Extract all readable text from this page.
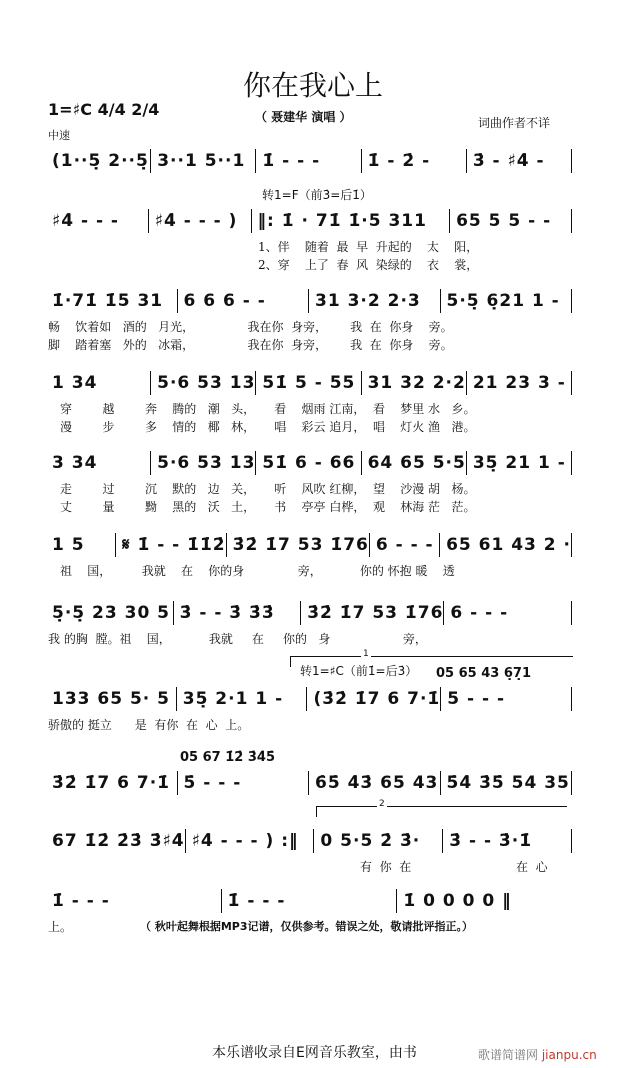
你在我心上
1=♯C 4/4 2/4
中速
（ 聂建华 演唱 ）	词曲作者不详
(1··5̣ 2··5̣ 3··1 5··1	1̇ - - -	1̇ - 2̇ -	3̇ - ♯4̇ -
♯4̇ - - -	♯4̇ - - - )	‖: 1̇ · 71̇ 1̇·5 311	65 5 5 - -
转1=F（前3̇=后1̇）
1、伴    随着  最  早  升起的    太    阳，
2、穿    上了  春  风  染绿的    衣    裳，
1̇·71̇ 1̇5 31	6 6 6 - -	31 3·2 2·3	5·5̣ 6̣21 1 -
畅    饮着如   酒的   月光，              我在你  身旁，      我  在  你身    旁。
脚    踏着塞   外的   冰霜，              我在你  身旁，      我  在  你身    旁。
1 34	5·6 53 13 51̇ 5 - 55 31 32 2·2 21 23 3 -
穿        越        奔    腾的   潮   头，     看    烟雨 江南，  看    梦里 水   乡。
漫        步        多    情的   椰   林，     唱    彩云 追月，  唱    灯火 渔   港。
3 34	5·6 53 13 51̇ 6 - 66 64 65 5·5 35̣ 21 1 -
走        过        沉    默的   边   关，     听    风吹 红柳，  望    沙漫 胡   杨。
丈        量        黝    黑的   沃   土，     书    亭亭 白桦，  观    林海 茫   茫。
1 5	𝄋 1̇ - - 1̇1̇2̇ 3̇2̇ 1̇7 53 1̇76 6 - - - 65 61 43 2 ·
祖    国，        我就    在    你的身              旁，          你的 怀抱 暖    透
5̣·5̣ 23 30 5 3̇ - - 3̇ 3̇3̇	3̇2̇ 1̇7 53 1̇76 6 - - -
我 的胸  膛。祖    国，          我就     在     你的   身                   旁，
133 65 5· 5 35̣ 2·1 1 -	(3̇2̇ 1̇7 6 7·1̇ 5 - - -
转1=♯C（前1̇=后3̇） 05 65 43 6̣7̣1
1
骄傲的 挺立      是  有你  在  心  上。
3̇2̇ 1̇7 6 7·1̇ 5̇ - - -	6̇5̇ 4̇3̇ 65 43 5̇4̇ 3̇5̇ 54 35
05 67 1̇2̇ 3̇4̇5̇
67 1̇2̇ 2̇3̇ 3̇♯4̇ ♯4̇ - - - ) :‖	0 5·5 2̇ 3̇·	3̇ - - 3̇·1̇
2
有  你  在	在  心
1̇ - - -	1̇ - - -	1̇ 0 0 0 0 ‖
上。	（ 秋叶起舞根据MP3记谱，仅供参考。错误之处，敬请批评指正。）
本乐谱收录自E网音乐教室，由书	歌谱简谱网 jianpu.cn
